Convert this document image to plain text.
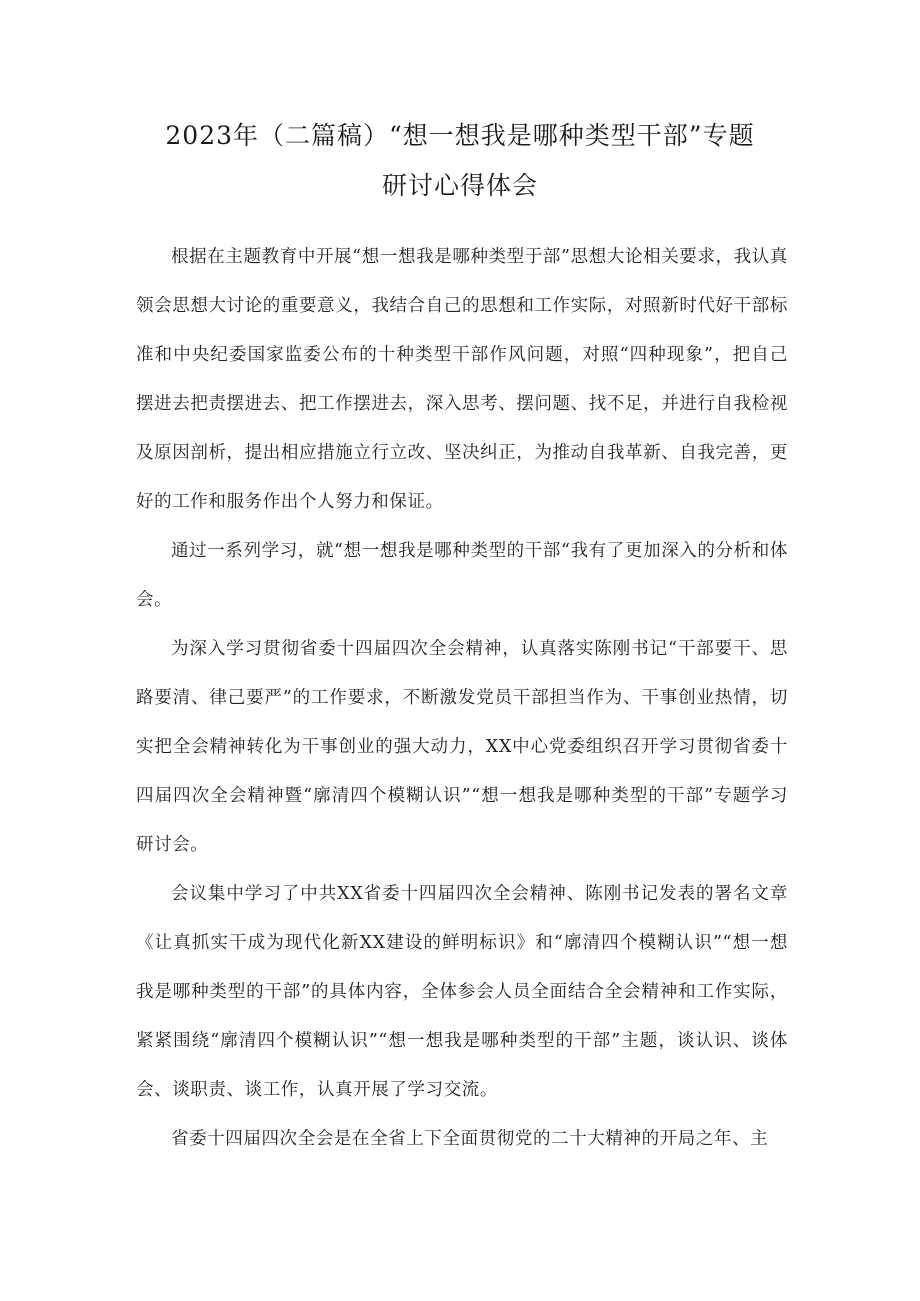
2023年（二篇稿）“想一想我是哪种类型干部”专题
研讨心得体会

根据在主题教育中开展“想一想我是哪种类型于部”思想大论相关要求，我认真领会思想大讨论的重要意义，我结合自己的思想和工作实际，对照新时代好干部标准和中央纪委国家监委公布的十种类型干部作风问题，对照“四种现象”，把自己摆进去把责摆进去、把工作摆进去，深入思考、摆问题、找不足，并进行自我检视及原因剖析，提出相应措施立行立改、坚决纠正，为推动自我革新、自我完善，更好的工作和服务作出个人努力和保证。

通过一系列学习，就“想一想我是哪种类型的干部“我有了更加深入的分析和体会。

为深入学习贯彻省委十四届四次全会精神，认真落实陈刚书记“干部要干、思路要清、律己要严”的工作要求，不断激发党员干部担当作为、干事创业热情，切实把全会精神转化为干事创业的强大动力，XX中心党委组织召开学习贯彻省委十四届四次全会精神暨“廓清四个模糊认识”“想一想我是哪种类型的干部”专题学习研讨会。

会议集中学习了中共XX省委十四届四次全会精神、陈刚书记发表的署名文章《让真抓实干成为现代化新XX建设的鲜明标识》和“廓清四个模糊认识”“想一想我是哪种类型的干部”的具体内容，全体参会人员全面结合全会精神和工作实际，紧紧围绕“廓清四个模糊认识”“想一想我是哪种类型的干部”主题，谈认识、谈体会、谈职责、谈工作，认真开展了学习交流。

省委十四届四次全会是在全省上下全面贯彻党的二十大精神的开局之年、主
